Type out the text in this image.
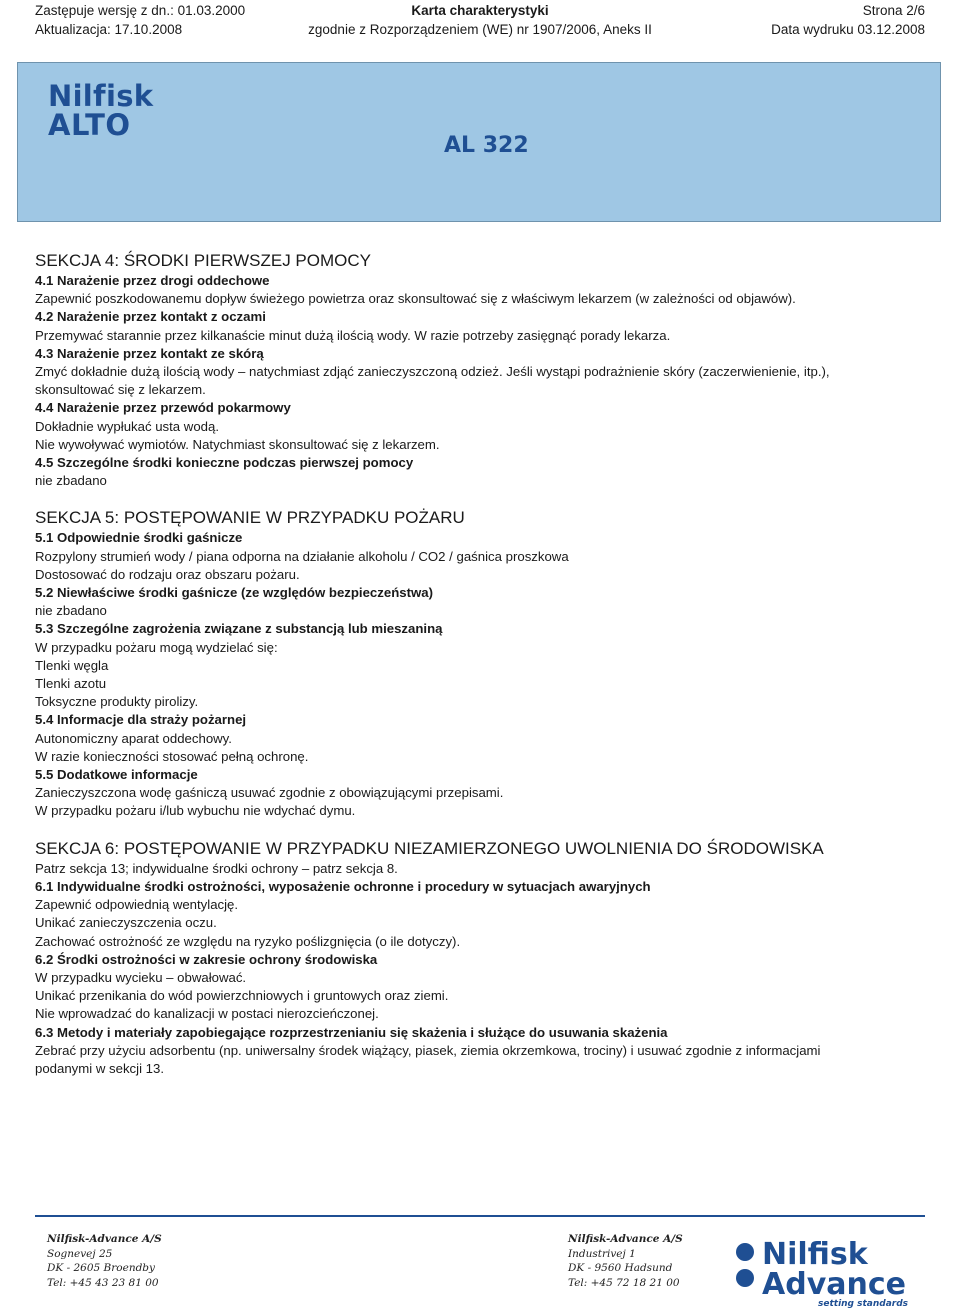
Zastępuje wersję z dn.: 01.03.2000	Karta charakterystyki	Strona 2/6
Aktualizacja: 17.10.2008	zgodnie z Rozporządzeniem (WE) nr 1907/2006, Aneks II	Data wydruku 03.12.2008
Nilfisk
ALTO
AL 322

SEKCJA 4: ŚRODKI PIERWSZEJ POMOCY

4.1 Narażenie przez drogi oddechowe

Zapewnić poszkodowanemu dopływ świeżego powietrza oraz skonsultować się z właściwym lekarzem (w zależności od objawów).

4.2 Narażenie przez kontakt z oczami

Przemywać starannie przez kilkanaście minut dużą ilością wody. W razie potrzeby zasięgnąć porady lekarza.

4.3 Narażenie przez kontakt ze skórą

Zmyć dokładnie dużą ilością wody – natychmiast zdjąć zanieczyszczoną odzież. Jeśli wystąpi podrażnienie skóry (zaczerwienienie, itp.),

skonsultować się z lekarzem.

4.4 Narażenie przez przewód pokarmowy

Dokładnie wypłukać usta wodą.

Nie wywoływać wymiotów. Natychmiast skonsultować się z lekarzem.

4.5 Szczególne środki konieczne podczas pierwszej pomocy

nie zbadano

SEKCJA 5: POSTĘPOWANIE W PRZYPADKU POŻARU

5.1 Odpowiednie środki gaśnicze

Rozpylony strumień wody / piana odporna na działanie alkoholu / CO2 / gaśnica proszkowa

Dostosować do rodzaju oraz obszaru pożaru.

5.2 Niewłaściwe środki gaśnicze (ze względów bezpieczeństwa)

nie zbadano

5.3 Szczególne zagrożenia związane z substancją lub mieszaniną

W przypadku pożaru mogą wydzielać się:

Tlenki węgla

Tlenki azotu

Toksyczne produkty pirolizy.

5.4 Informacje dla straży pożarnej

Autonomiczny aparat oddechowy.

W razie konieczności stosować pełną ochronę.

5.5 Dodatkowe informacje

Zanieczyszczona wodę gaśniczą usuwać zgodnie z obowiązującymi przepisami.

W przypadku pożaru i/lub wybuchu nie wdychać dymu.

SEKCJA 6: POSTĘPOWANIE W PRZYPADKU NIEZAMIERZONEGO UWOLNIENIA DO ŚRODOWISKA

Patrz sekcja 13; indywidualne środki ochrony – patrz sekcja 8.

6.1 Indywidualne środki ostrożności, wyposażenie ochronne i procedury w sytuacjach awaryjnych

Zapewnić odpowiednią wentylację.

Unikać zanieczyszczenia oczu.

Zachować ostrożność ze względu na ryzyko poślizgnięcia (o ile dotyczy).

6.2 Środki ostrożności w zakresie ochrony środowiska

W przypadku wycieku – obwałować.

Unikać przenikania do wód powierzchniowych i gruntowych oraz ziemi.

Nie wprowadzać do kanalizacji w postaci nierozcieńczonej.

6.3 Metody i materiały zapobiegające rozprzestrzenianiu się skażenia i służące do usuwania skażenia

Zebrać przy użyciu adsorbentu (np. uniwersalny środek wiążący, piasek, ziemia okrzemkowa, trociny) i usuwać zgodnie z informacjami

podanymi w sekcji 13.

Nilfisk-Advance A/S
Sognevej 25
DK - 2605 Broendby
Tel: +45 43 23 81 00
Nilfisk-Advance A/S
Industrivej 1
DK - 9560 Hadsund
Tel: +45 72 18 21 00
Nilfisk
Advance
setting standards
